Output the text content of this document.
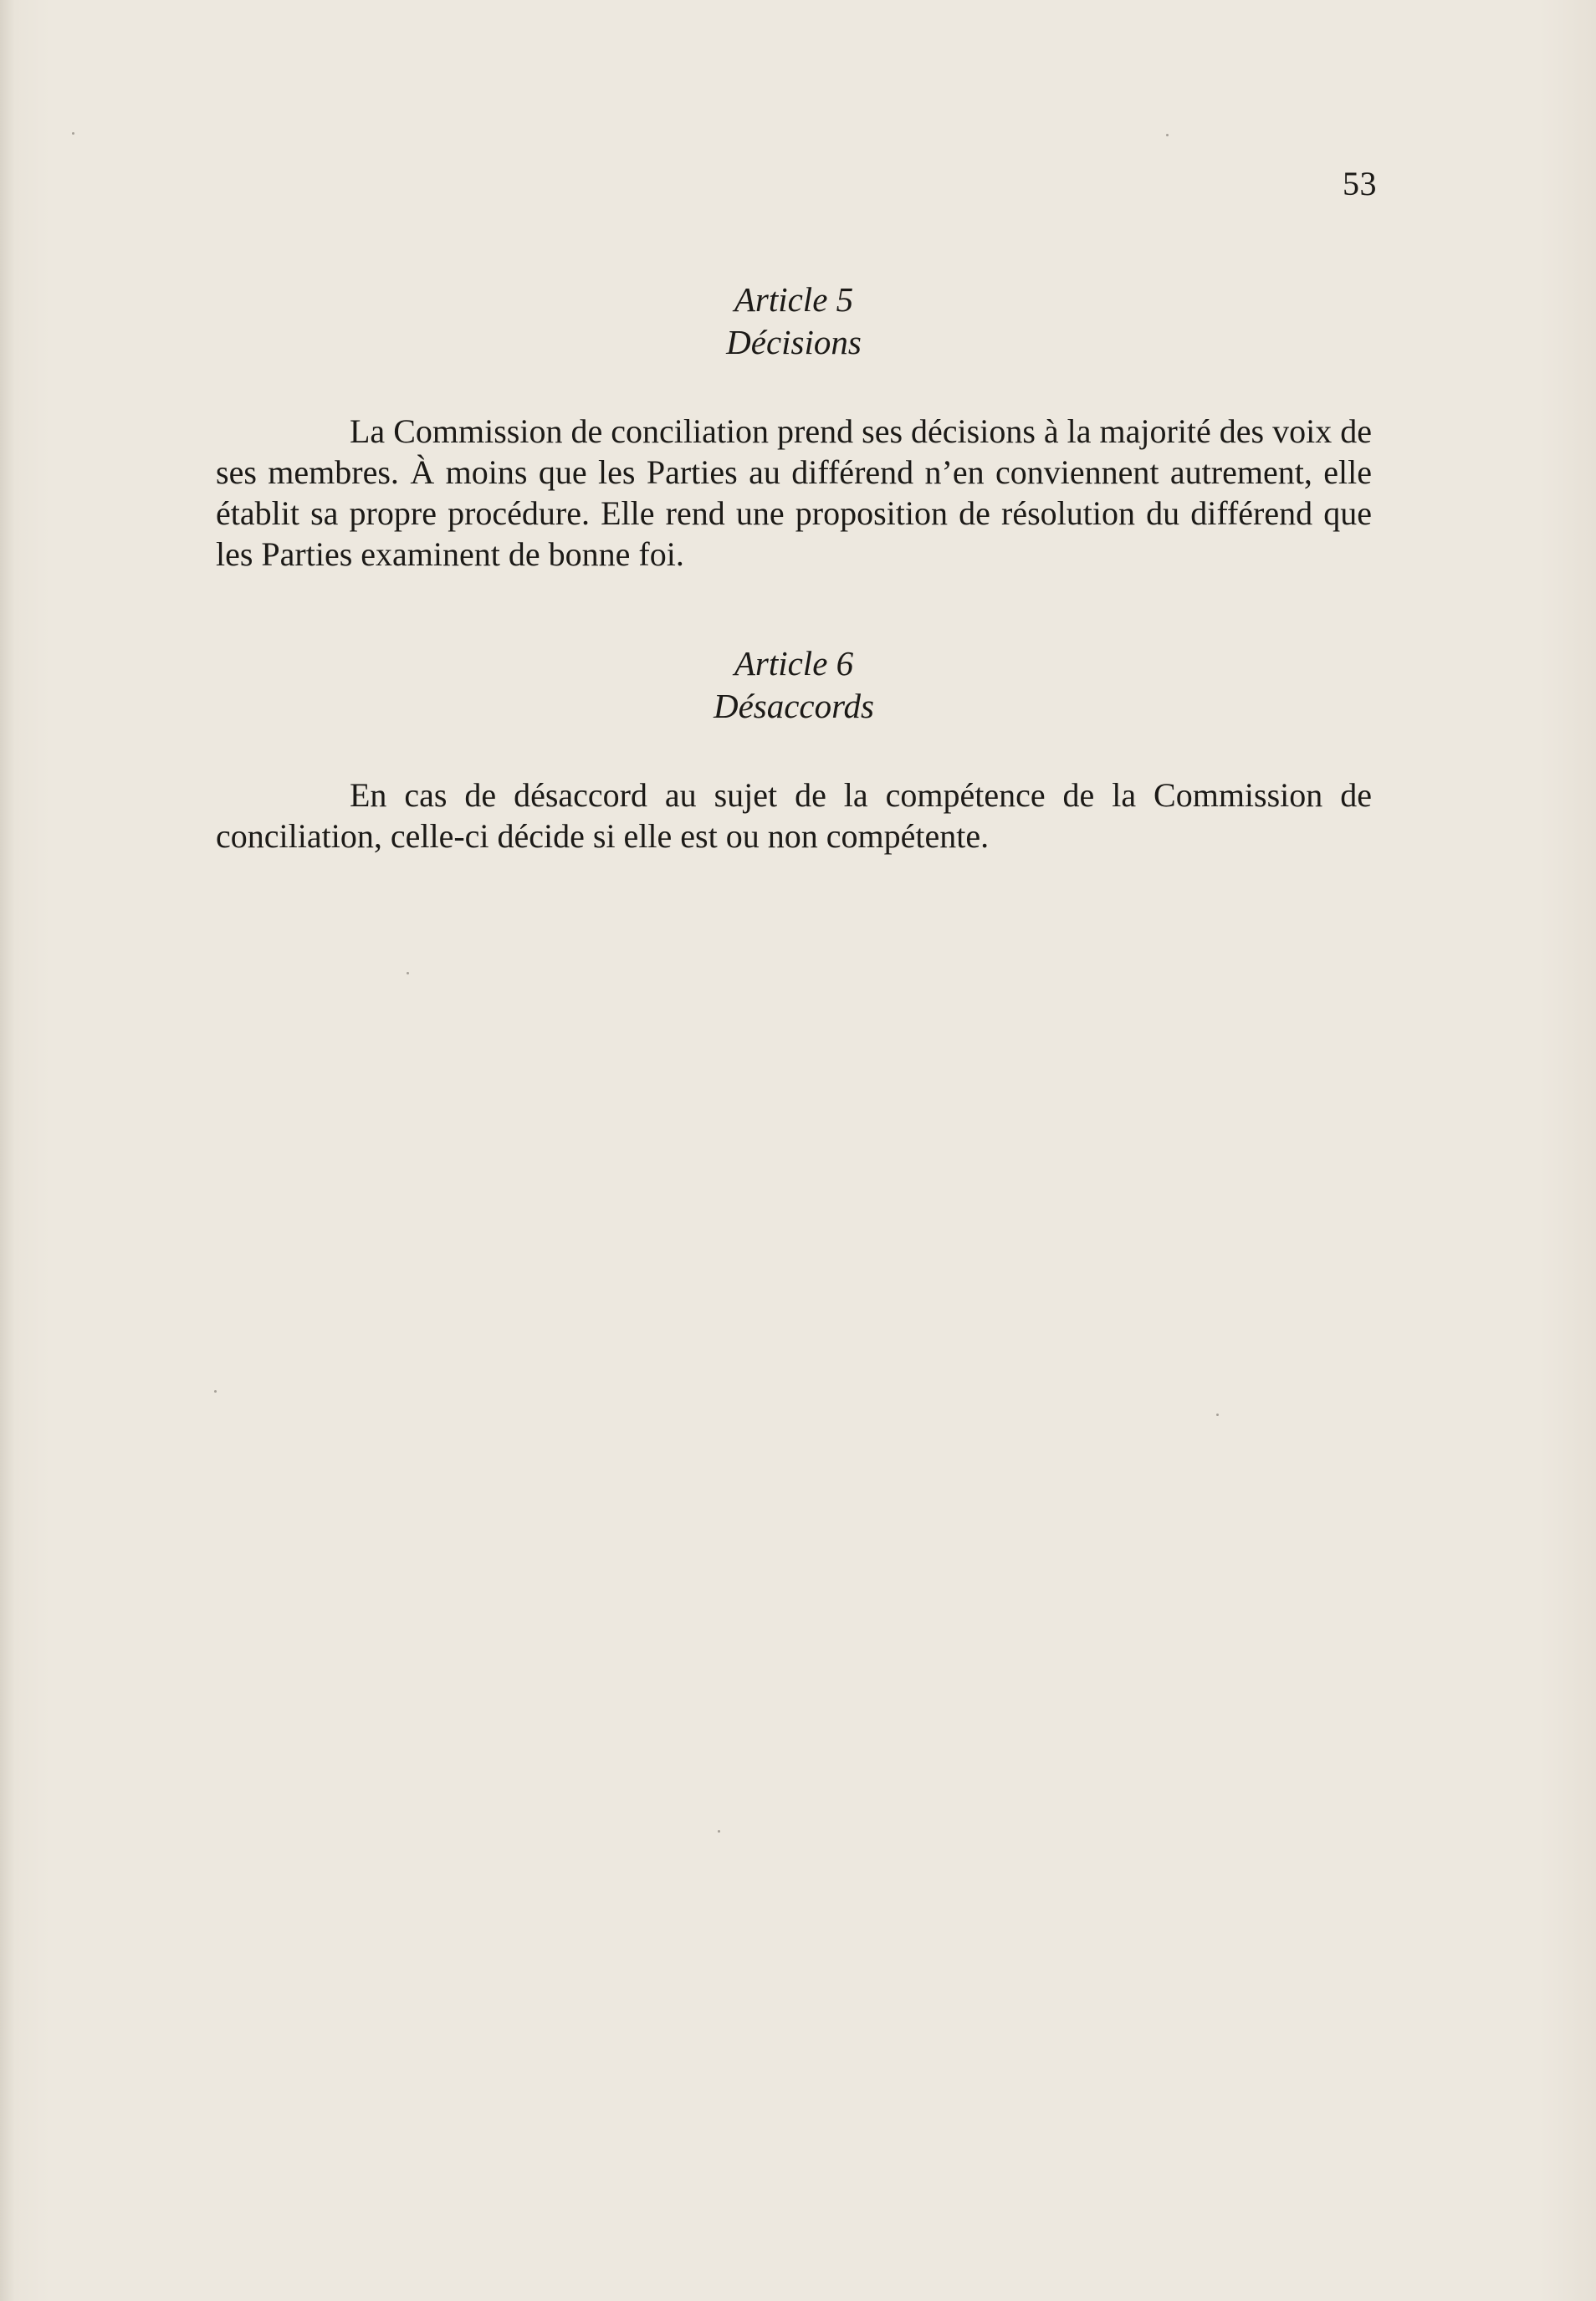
53

Article 5

Décisions

La Commission de conciliation prend ses décisions à la majorité des voix de ses membres. À moins que les Parties au différend n’en conviennent autrement, elle établit sa propre procédure. Elle rend une proposition de résolution du différend que les Parties examinent de bonne foi.

Article 6

Désaccords

En cas de désaccord au sujet de la compétence de la Commission de conciliation, celle-ci décide si elle est ou non compétente.
